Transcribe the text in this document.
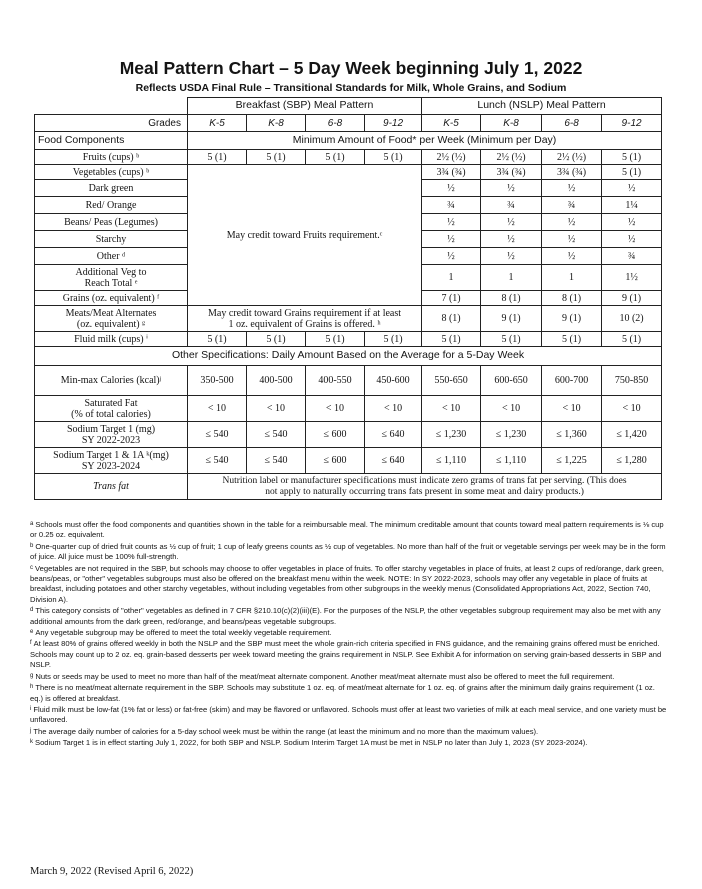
Meal Pattern Chart – 5 Day Week beginning July 1, 2022
Reflects USDA Final Rule – Transitional Standards for Milk, Whole Grains, and Sodium
	Breakfast (SBP) Meal Pattern				Lunch (NSLP) Meal Pattern				
Grades	K-5	K-8	6-8	9-12	K-5	K-8	6-8	9-12	
Food Components	Minimum Amount of Food* per Week (Minimum per Day)								
Fruits (cups) ᵇ	5 (1)	5 (1)	5 (1)	5 (1)	2½ (½)	2½ (½)	2½ (½)	5 (1)	
Vegetables (cups) ᵇ	May credit toward Fruits requirement.ᶜ				3¾ (¾)	3¾ (¾)	3¾ (¾)	5 (1)	
Dark green					½	½	½	½	
Red/ Orange					¾	¾	¾	1¼	
Beans/ Peas (Legumes)					½	½	½	½	
Starchy					½	½	½	½	
Other ᵈ					½	½	½	¾	
Additional Veg to
Reach Total ᵉ					1	1	1	1½	
Grains (oz. equivalent) ᶠ					7 (1)	8 (1)	8 (1)	9 (1)				
Meats/Meat Alternates
(oz. equivalent) ᵍ	May credit toward Grains requirement if at least
1 oz. equivalent of Grains is offered. ʰ				8 (1)	9 (1)	9 (1)	10 (2)	
Fluid milk (cups) ⁱ	5 (1)	5 (1)	5 (1)	5 (1)	5 (1)	5 (1)	5 (1)	5 (1)	
Other Specifications: Daily Amount Based on the Average for a 5-Day Week									
Min-max Calories (kcal)ʲ	350-500	400-500	400-550	450-600	550-650	600-650	600-700	750-850	
Saturated Fat
(% of total calories)	< 10	< 10	< 10	< 10	< 10	< 10	< 10	< 10	
Sodium Target 1 (mg)
SY 2022-2023	≤ 540	≤ 540	≤ 600	≤ 640	≤ 1,230	≤ 1,230	≤ 1,360	≤ 1,420	
Sodium Target 1 & 1A ᵏ(mg)
SY 2023-2024	≤ 540	≤ 540	≤ 600	≤ 640	≤ 1,110	≤ 1,110	≤ 1,225	≤ 1,280	
Trans fat	Nutrition label or manufacturer specifications must indicate zero grams of trans fat per serving. (This does
not apply to naturally occurring trans fats present in some meat and dairy products.)								

$^a$ Schools must offer the food components and quantities shown in the table for a reimbursable meal. The minimum creditable amount that counts toward meal pattern requirements is ⅛ cup or 0.25 oz. equivalent.

$^b$ One-quarter cup of dried fruit counts as ½ cup of fruit; 1 cup of leafy greens counts as ½ cup of vegetables. No more than half of the fruit or vegetable servings per week may be in the form of juice. All juice must be 100% full-strength.

$^c$ Vegetables are not required in the SBP, but schools may choose to offer vegetables in place of fruits. To offer starchy vegetables in place of fruits, at least 2 cups of red/orange, dark green, beans/peas, or "other" vegetables subgroups must also be offered on the breakfast menu within the week. NOTE: In SY 2022-2023, schools may offer any vegetable in place of fruits at breakfast, including potatoes and other starchy vegetables, without including vegetables from other subgroups in the weekly menus (Consolidated Appropriations Act, 2022, Section 740, Division A).

$^d$ This category consists of "other" vegetables as defined in 7 CFR §210.10(c)(2)(iii)(E). For the purposes of the NSLP, the other vegetables subgroup requirement may also be met with any additional amounts from the dark green, red/orange, and beans/peas vegetable subgroups.

$^e$ Any vegetable subgroup may be offered to meet the total weekly vegetable requirement.

$^f$ At least 80% of grains offered weekly in both the NSLP and the SBP must meet the whole grain-rich criteria specified in FNS guidance, and the remaining grains offered must be enriched. Schools may count up to 2 oz. eq. grain-based desserts per week toward meeting the grains requirement in NSLP. See Exhibit A for information on serving grain-based desserts in SBP and NSLP.

$^g$ Nuts or seeds may be used to meet no more than half of the meat/meat alternate component. Another meat/meat alternate must also be offered to meet the full requirement.

$^h$ There is no meat/meat alternate requirement in the SBP. Schools may substitute 1 oz. eq. of meat/meat alternate for 1 oz. eq. of grains after the minimum daily grains requirement (1 oz. eq.) is offered at breakfast.

$^i$ Fluid milk must be low-fat (1% fat or less) or fat-free (skim) and may be flavored or unflavored. Schools must offer at least two varieties of milk at each meal service, and one variety must be unflavored.

$^j$ The average daily number of calories for a 5-day school week must be within the range (at least the minimum and no more than the maximum values).

$^k$ Sodium Target 1 is in effect starting July 1, 2022, for both SBP and NSLP. Sodium Interim Target 1A must be met in NSLP no later than July 1, 2023 (SY 2023-2024).

March 9, 2022 (Revised April 6, 2022)
